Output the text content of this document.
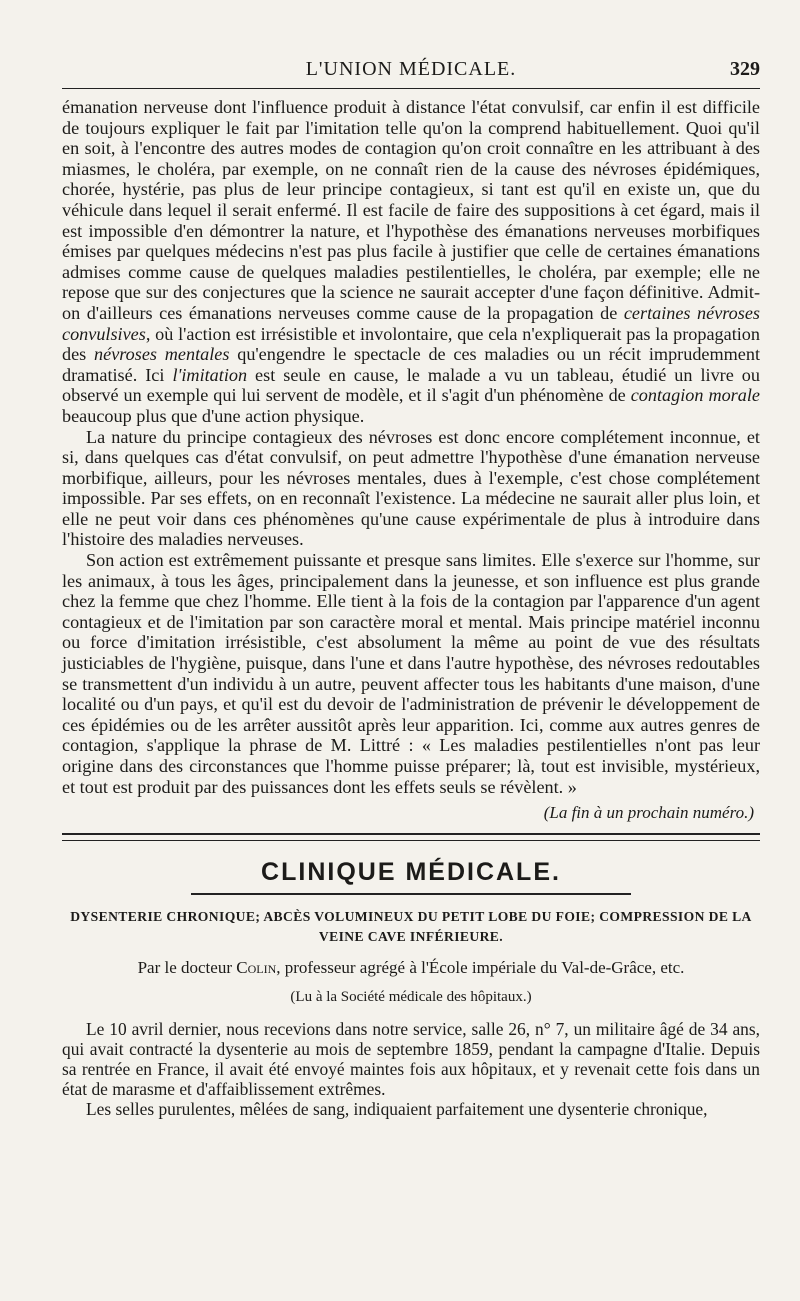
L'UNION MÉDICALE.	329

émanation nerveuse dont l'influence produit à distance l'état convulsif, car enfin il est difficile de toujours expliquer le fait par l'imitation telle qu'on la comprend habituellement. Quoi qu'il en soit, à l'encontre des autres modes de contagion qu'on croit connaître en les attribuant à des miasmes, le choléra, par exemple, on ne connaît rien de la cause des névroses épidémiques, chorée, hystérie, pas plus de leur principe contagieux, si tant est qu'il en existe un, que du véhicule dans lequel il serait enfermé. Il est facile de faire des suppositions à cet égard, mais il est impossible d'en démontrer la nature, et l'hypothèse des émanations nerveuses morbifiques émises par quelques médecins n'est pas plus facile à justifier que celle de certaines émanations admises comme cause de quelques maladies pestilentielles, le choléra, par exemple; elle ne repose que sur des conjectures que la science ne saurait accepter d'une façon définitive. Admit-on d'ailleurs ces émanations nerveuses comme cause de la propagation de certaines névroses convulsives, où l'action est irrésistible et involontaire, que cela n'expliquerait pas la propagation des névroses mentales qu'engendre le spectacle de ces maladies ou un récit imprudemment dramatisé. Ici l'imitation est seule en cause, le malade a vu un tableau, étudié un livre ou observé un exemple qui lui servent de modèle, et il s'agit d'un phénomène de contagion morale beaucoup plus que d'une action physique.

La nature du principe contagieux des névroses est donc encore complétement inconnue, et si, dans quelques cas d'état convulsif, on peut admettre l'hypothèse d'une émanation nerveuse morbifique, ailleurs, pour les névroses mentales, dues à l'exemple, c'est chose complétement impossible. Par ses effets, on en reconnaît l'existence. La médecine ne saurait aller plus loin, et elle ne peut voir dans ces phénomènes qu'une cause expérimentale de plus à introduire dans l'histoire des maladies nerveuses.

Son action est extrêmement puissante et presque sans limites. Elle s'exerce sur l'homme, sur les animaux, à tous les âges, principalement dans la jeunesse, et son influence est plus grande chez la femme que chez l'homme. Elle tient à la fois de la contagion par l'apparence d'un agent contagieux et de l'imitation par son caractère moral et mental. Mais principe matériel inconnu ou force d'imitation irrésistible, c'est absolument la même au point de vue des résultats justiciables de l'hygiène, puisque, dans l'une et dans l'autre hypothèse, des névroses redoutables se transmettent d'un individu à un autre, peuvent affecter tous les habitants d'une maison, d'une localité ou d'un pays, et qu'il est du devoir de l'administration de prévenir le développement de ces épidémies ou de les arrêter aussitôt après leur apparition. Ici, comme aux autres genres de contagion, s'applique la phrase de M. Littré : « Les maladies pestilentielles n'ont pas leur origine dans des circonstances que l'homme puisse préparer; là, tout est invisible, mystérieux, et tout est produit par des puissances dont les effets seuls se révèlent. »

(La fin à un prochain numéro.)
CLINIQUE MÉDICALE.
DYSENTERIE CHRONIQUE; ABCÈS VOLUMINEUX DU PETIT LOBE DU FOIE; COMPRESSION DE LA VEINE CAVE INFÉRIEURE.
Par le docteur Colin, professeur agrégé à l'École impériale du Val-de-Grâce, etc.
(Lu à la Société médicale des hôpitaux.)

Le 10 avril dernier, nous recevions dans notre service, salle 26, n° 7, un militaire âgé de 34 ans, qui avait contracté la dysenterie au mois de septembre 1859, pendant la campagne d'Italie. Depuis sa rentrée en France, il avait été envoyé maintes fois aux hôpitaux, et y revenait cette fois dans un état de marasme et d'affaiblissement extrêmes.

Les selles purulentes, mêlées de sang, indiquaient parfaitement une dysenterie chronique,
